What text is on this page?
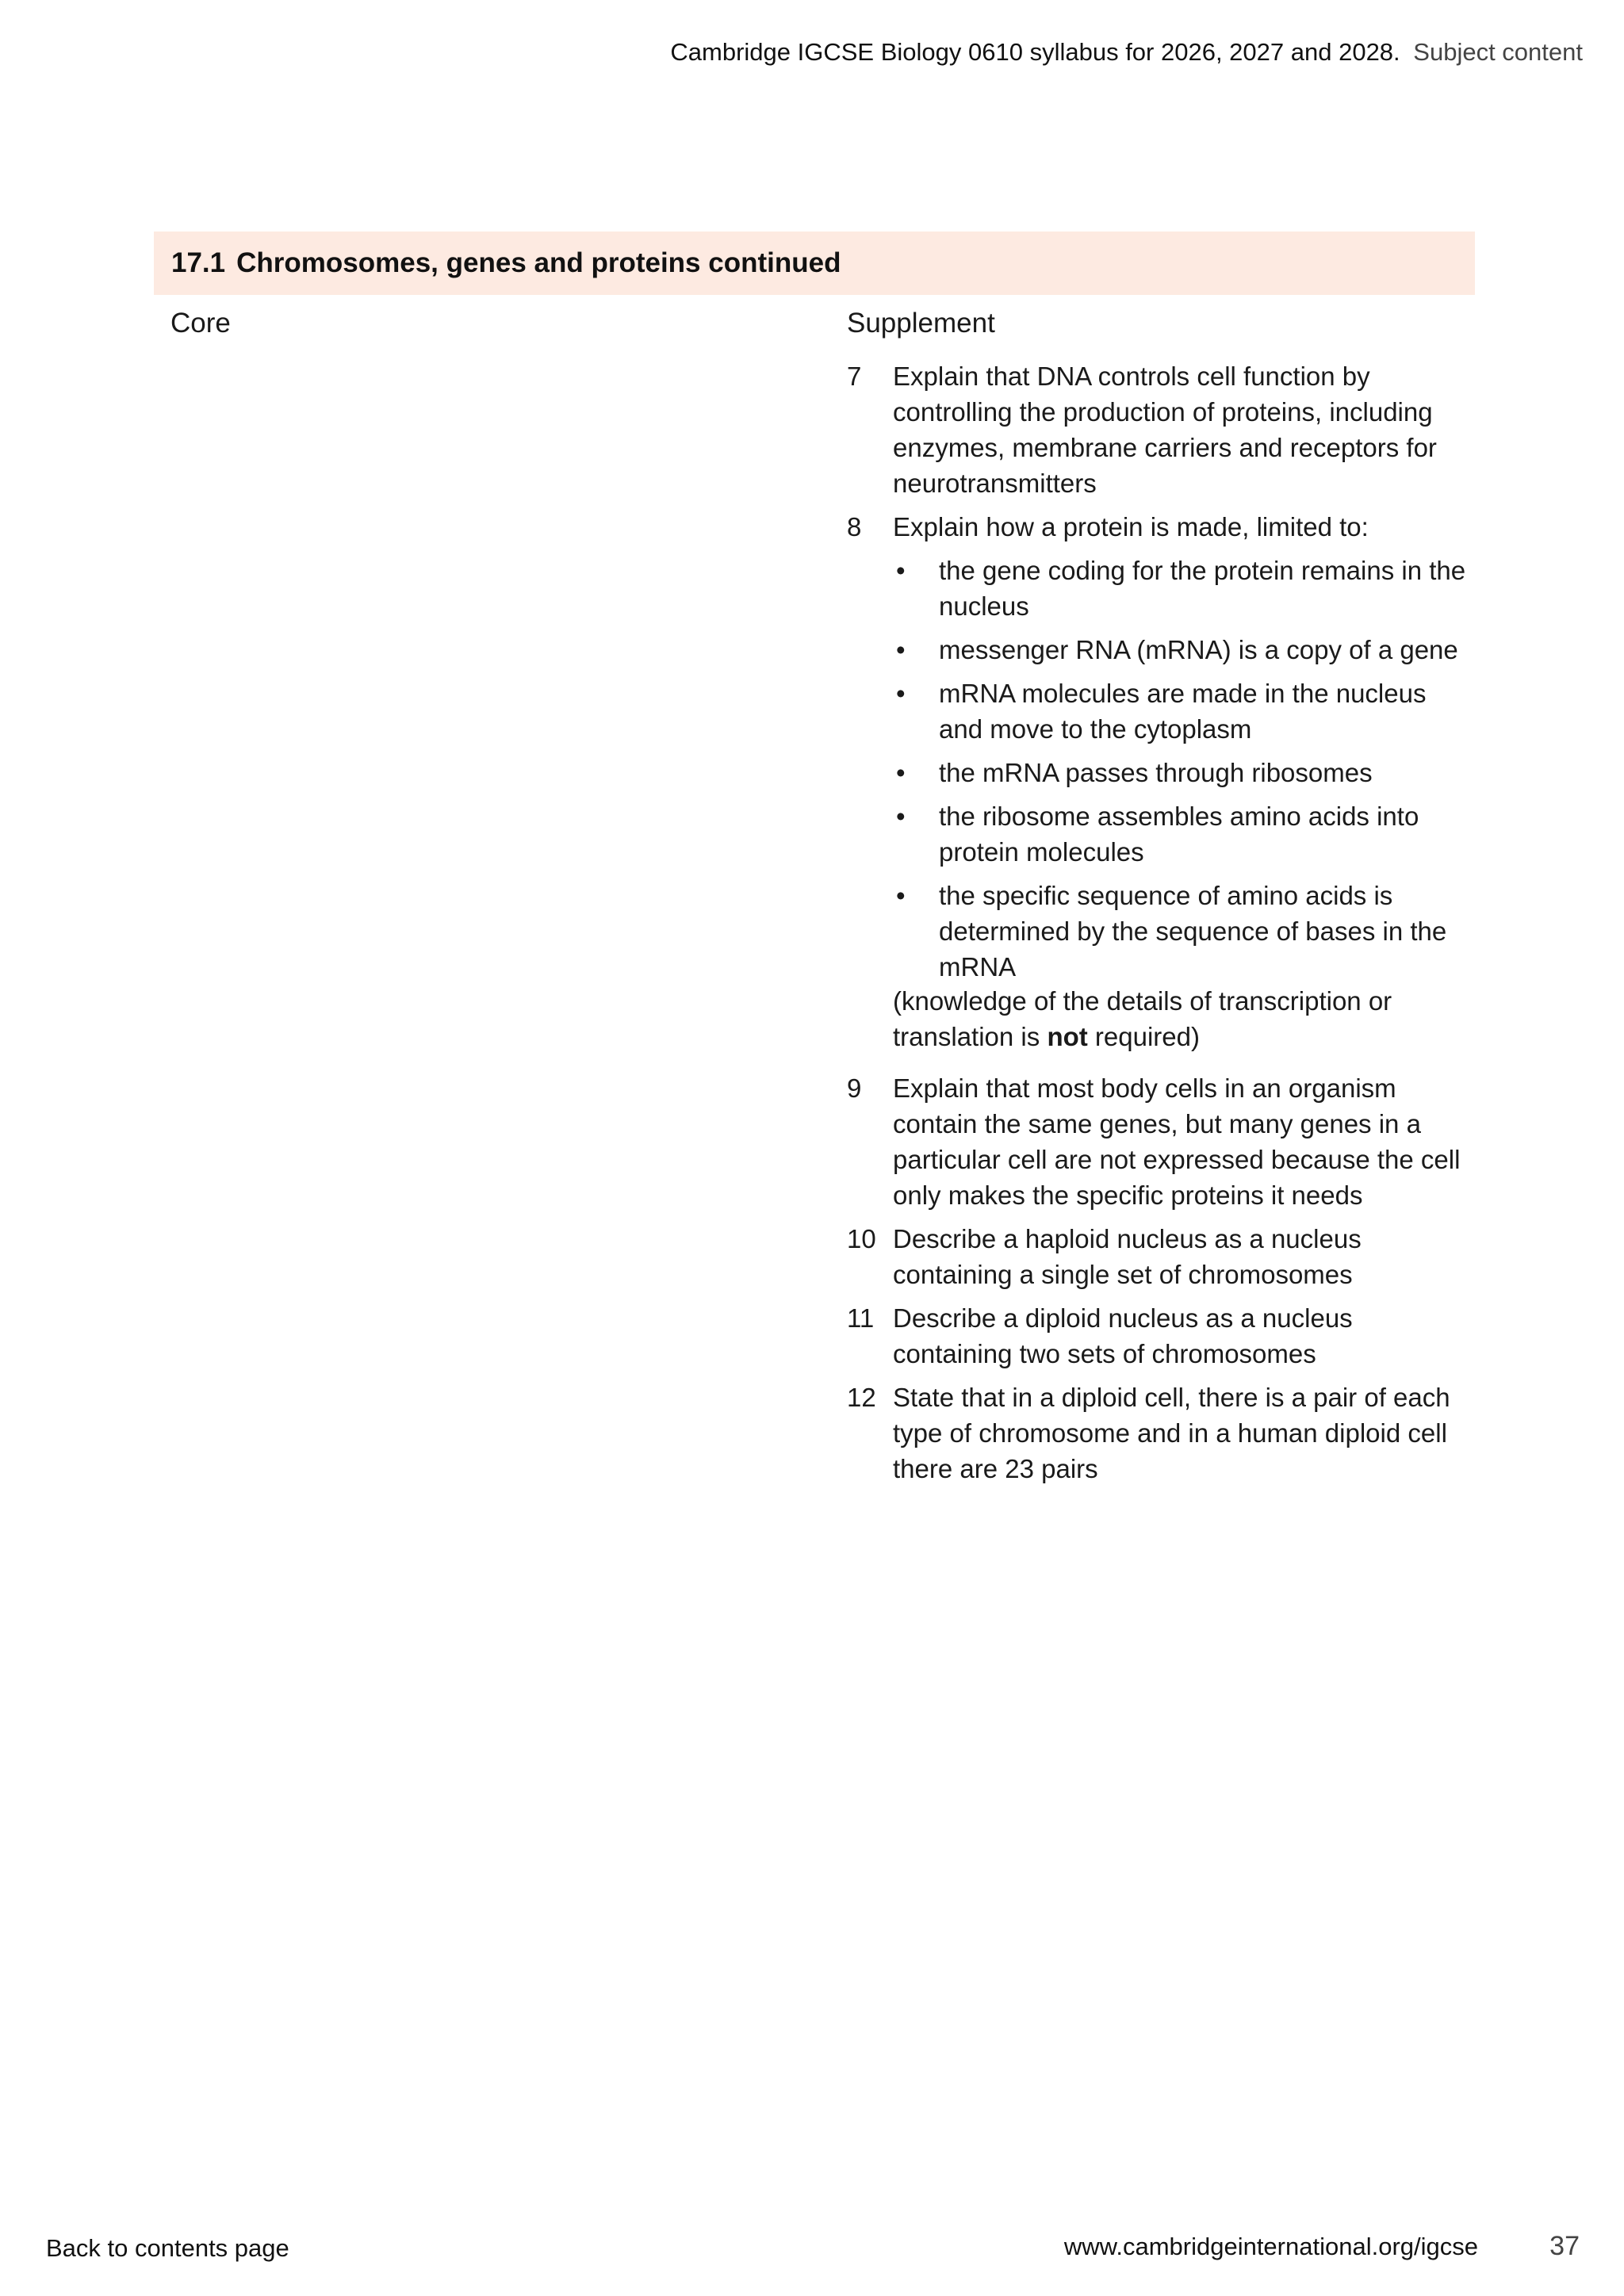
Cambridge IGCSE Biology 0610 syllabus for 2026, 2027 and 2028. Subject content
17.1 Chromosomes, genes and proteins continued
Core	Supplement
7	Explain that DNA controls cell function by controlling the production of proteins, including enzymes, membrane carriers and receptors for neurotransmitters
8	Explain how a protein is made, limited to:
•	the gene coding for the protein remains in the nucleus
•	messenger RNA (mRNA) is a copy of a gene
•	mRNA molecules are made in the nucleus and move to the cytoplasm
•	the mRNA passes through ribosomes
•	the ribosome assembles amino acids into protein molecules
•	the specific sequence of amino acids is determined by the sequence of bases in the mRNA
(knowledge of the details of transcription or translation is not required)
9	Explain that most body cells in an organism contain the same genes, but many genes in a particular cell are not expressed because the cell only makes the specific proteins it needs
10 Describe a haploid nucleus as a nucleus containing a single set of chromosomes
11 Describe a diploid nucleus as a nucleus containing two sets of chromosomes
12 State that in a diploid cell, there is a pair of each type of chromosome and in a human diploid cell there are 23 pairs
Back to contents page	www.cambridgeinternational.org/igcse	37
